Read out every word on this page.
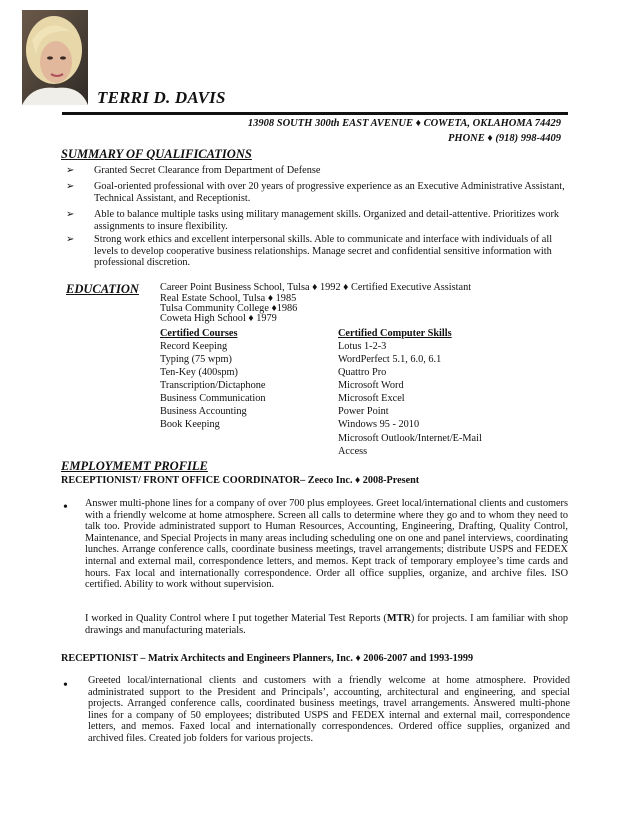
TERRI D. DAVIS
13908 SOUTH 300th EAST AVENUE ♦ COWETA, OKLAHOMA 74429
PHONE ♦ (918) 998-4409
SUMMARY OF QUALIFICATIONS
➢ Granted Secret Clearance from Department of Defense
➢ Goal-oriented professional with over 20 years of progressive experience as an Executive Administrative Assistant, Technical Assistant, and Receptionist.
➢ Able to balance multiple tasks using military management skills. Organized and detail-attentive. Prioritizes work assignments to insure flexibility.
➢ Strong work ethics and excellent interpersonal skills. Able to communicate and interface with individuals of all levels to develop cooperative business relationships. Manage secret and confidential sensitive information with professional discretion.
EDUCATION Career Point Business School, Tulsa ♦ 1992 ♦ Certified Executive Assistant
Real Estate School, Tulsa ♦ 1985
Tulsa Community College ♦1986
Coweta High School ♦ 1979
Certified Courses	Certified Computer Skills
Record Keeping
Typing (75 wpm)
Ten-Key (400spm)
Transcription/Dictaphone
Business Communication
Business Accounting
Book Keeping
Lotus 1-2-3
WordPerfect 5.1, 6.0, 6.1
Quattro Pro
Microsoft Word
Microsoft Excel
Power Point
Windows 95 - 2010
Microsoft Outlook/Internet/E-Mail
Access
EMPLOYMEMT PROFILE
RECEPTIONIST/ FRONT OFFICE COORDINATOR– Zeeco Inc. ♦ 2008-Present
• Answer multi-phone lines for a company of over 700 plus employees. Greet local/international clients and customers with a friendly welcome at home atmosphere. Screen all calls to determine where they go and to whom they need to talk too. Provide administrated support to Human Resources, Accounting, Engineering, Drafting, Quality Control, Maintenance, and Special Projects in many areas including scheduling one on one and panel interviews, coordinating lunches. Arrange conference calls, coordinate business meetings, travel arrangements; distribute USPS and FEDEX internal and external mail, correspondence letters, and memos. Kept track of temporary employee’s time cards and hours. Fax local and internationally correspondence. Order all office supplies, organize, and archive files. ISO certified. Ability to work without supervision.
I worked in Quality Control where I put together Material Test Reports (MTR) for projects. I am familiar with shop drawings and manufacturing materials.
RECEPTIONIST – Matrix Architects and Engineers Planners, Inc. ♦ 2006-2007 and 1993-1999
• Greeted local/international clients and customers with a friendly welcome at home atmosphere. Provided administrated support to the President and Principals’, accounting, architectural and engineering, and special projects. Arranged conference calls, coordinated business meetings, travel arrangements. Answered multi-phone lines for a company of 50 employees; distributed USPS and FEDEX internal and external mail, correspondence letters, and memos. Faxed local and internationally correspondences. Ordered office supplies, organized and archived files. Created job folders for various projects.
